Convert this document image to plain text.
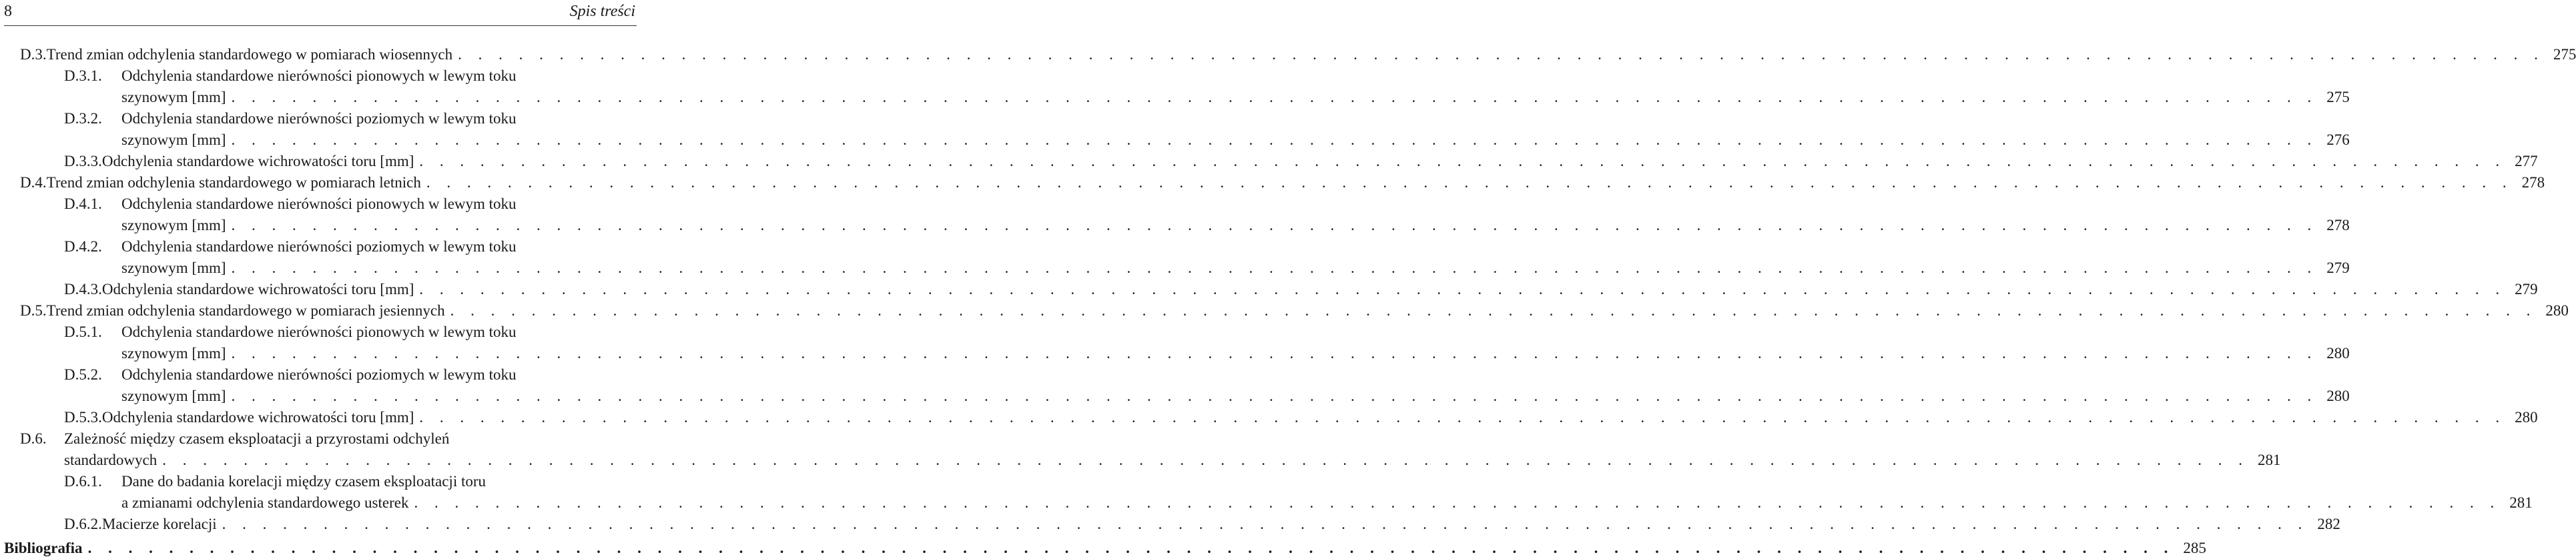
8	Spis treści
D.3. Trend zmian odchylenia standardowego w pomiarach wiosennych . . . . . . . . . . . . . . . . . . . . . . . . . . . . . . . . . . . . . . . . . . . . . . . . . . . . . . . . . . . . . . . . . . . . . . . . . . . . . . . . . . . . . . . . . . . . . . . . . . . . . . . 275
D.3.1. Odchylenia standardowe nierówności pionowych w lewym toku
szynowym [mm] . . . . . . . . . . . . . . . . . . . . . . . . . . . . . . . . . . . . . . . . . . . . . . . . . . . . . . . . . . . . . . . . . . . . . . . . . . . . . . . . . . . . . . . . . . . . . . . . . . . . . . . 275
D.3.2. Odchylenia standardowe nierówności poziomych w lewym toku
szynowym [mm] . . . . . . . . . . . . . . . . . . . . . . . . . . . . . . . . . . . . . . . . . . . . . . . . . . . . . . . . . . . . . . . . . . . . . . . . . . . . . . . . . . . . . . . . . . . . . . . . . . . . . . . 276
D.3.3. Odchylenia standardowe wichrowatości toru [mm] . . . . . . . . . . . . . . . . . . . . . . . . . . . . . . . . . . . . . . . . . . . . . . . . . . . . . . . . . . . . . . . . . . . . . . . . . . . . . . . . . . . . . . . . . . . . . . . . . . . . . . . 277
D.4. Trend zmian odchylenia standardowego w pomiarach letnich . . . . . . . . . . . . . . . . . . . . . . . . . . . . . . . . . . . . . . . . . . . . . . . . . . . . . . . . . . . . . . . . . . . . . . . . . . . . . . . . . . . . . . . . . . . . . . . . . . . . . . . 278
D.4.1. Odchylenia standardowe nierówności pionowych w lewym toku
szynowym [mm] . . . . . . . . . . . . . . . . . . . . . . . . . . . . . . . . . . . . . . . . . . . . . . . . . . . . . . . . . . . . . . . . . . . . . . . . . . . . . . . . . . . . . . . . . . . . . . . . . . . . . . . 278
D.4.2. Odchylenia standardowe nierówności poziomych w lewym toku
szynowym [mm] . . . . . . . . . . . . . . . . . . . . . . . . . . . . . . . . . . . . . . . . . . . . . . . . . . . . . . . . . . . . . . . . . . . . . . . . . . . . . . . . . . . . . . . . . . . . . . . . . . . . . . . 279
D.4.3. Odchylenia standardowe wichrowatości toru [mm] . . . . . . . . . . . . . . . . . . . . . . . . . . . . . . . . . . . . . . . . . . . . . . . . . . . . . . . . . . . . . . . . . . . . . . . . . . . . . . . . . . . . . . . . . . . . . . . . . . . . . . . 279
D.5. Trend zmian odchylenia standardowego w pomiarach jesiennych . . . . . . . . . . . . . . . . . . . . . . . . . . . . . . . . . . . . . . . . . . . . . . . . . . . . . . . . . . . . . . . . . . . . . . . . . . . . . . . . . . . . . . . . . . . . . . . . . . . . . . . 280
D.5.1. Odchylenia standardowe nierówności pionowych w lewym toku
szynowym [mm] . . . . . . . . . . . . . . . . . . . . . . . . . . . . . . . . . . . . . . . . . . . . . . . . . . . . . . . . . . . . . . . . . . . . . . . . . . . . . . . . . . . . . . . . . . . . . . . . . . . . . . . 280
D.5.2. Odchylenia standardowe nierówności poziomych w lewym toku
szynowym [mm] . . . . . . . . . . . . . . . . . . . . . . . . . . . . . . . . . . . . . . . . . . . . . . . . . . . . . . . . . . . . . . . . . . . . . . . . . . . . . . . . . . . . . . . . . . . . . . . . . . . . . . . 280
D.5.3. Odchylenia standardowe wichrowatości toru [mm] . . . . . . . . . . . . . . . . . . . . . . . . . . . . . . . . . . . . . . . . . . . . . . . . . . . . . . . . . . . . . . . . . . . . . . . . . . . . . . . . . . . . . . . . . . . . . . . . . . . . . . . 280
D.6. Zależność między czasem eksploatacji a przyrostami odchyleń
standardowych . . . . . . . . . . . . . . . . . . . . . . . . . . . . . . . . . . . . . . . . . . . . . . . . . . . . . . . . . . . . . . . . . . . . . . . . . . . . . . . . . . . . . . . . . . . . . . . . . . . . . . . 281
D.6.1. Dane do badania korelacji między czasem eksploatacji toru
a zmianami odchylenia standardowego usterek . . . . . . . . . . . . . . . . . . . . . . . . . . . . . . . . . . . . . . . . . . . . . . . . . . . . . . . . . . . . . . . . . . . . . . . . . . . . . . . . . . . . . . . . . . . . . . . . . . . . . . . 281
D.6.2. Macierze korelacji . . . . . . . . . . . . . . . . . . . . . . . . . . . . . . . . . . . . . . . . . . . . . . . . . . . . . . . . . . . . . . . . . . . . . . . . . . . . . . . . . . . . . . . . . . . . . . . . . . . . . . . 282
Bibliografia . . . . . . . . . . . . . . . . . . . . . . . . . . . . . . . . . . . . . . . . . . . . . . . . . . . . . . . . . . . . . . . . . . . . . . . . . . . . . . . . . . . . . . . . . . . . . . . . . . . . . . . 285
